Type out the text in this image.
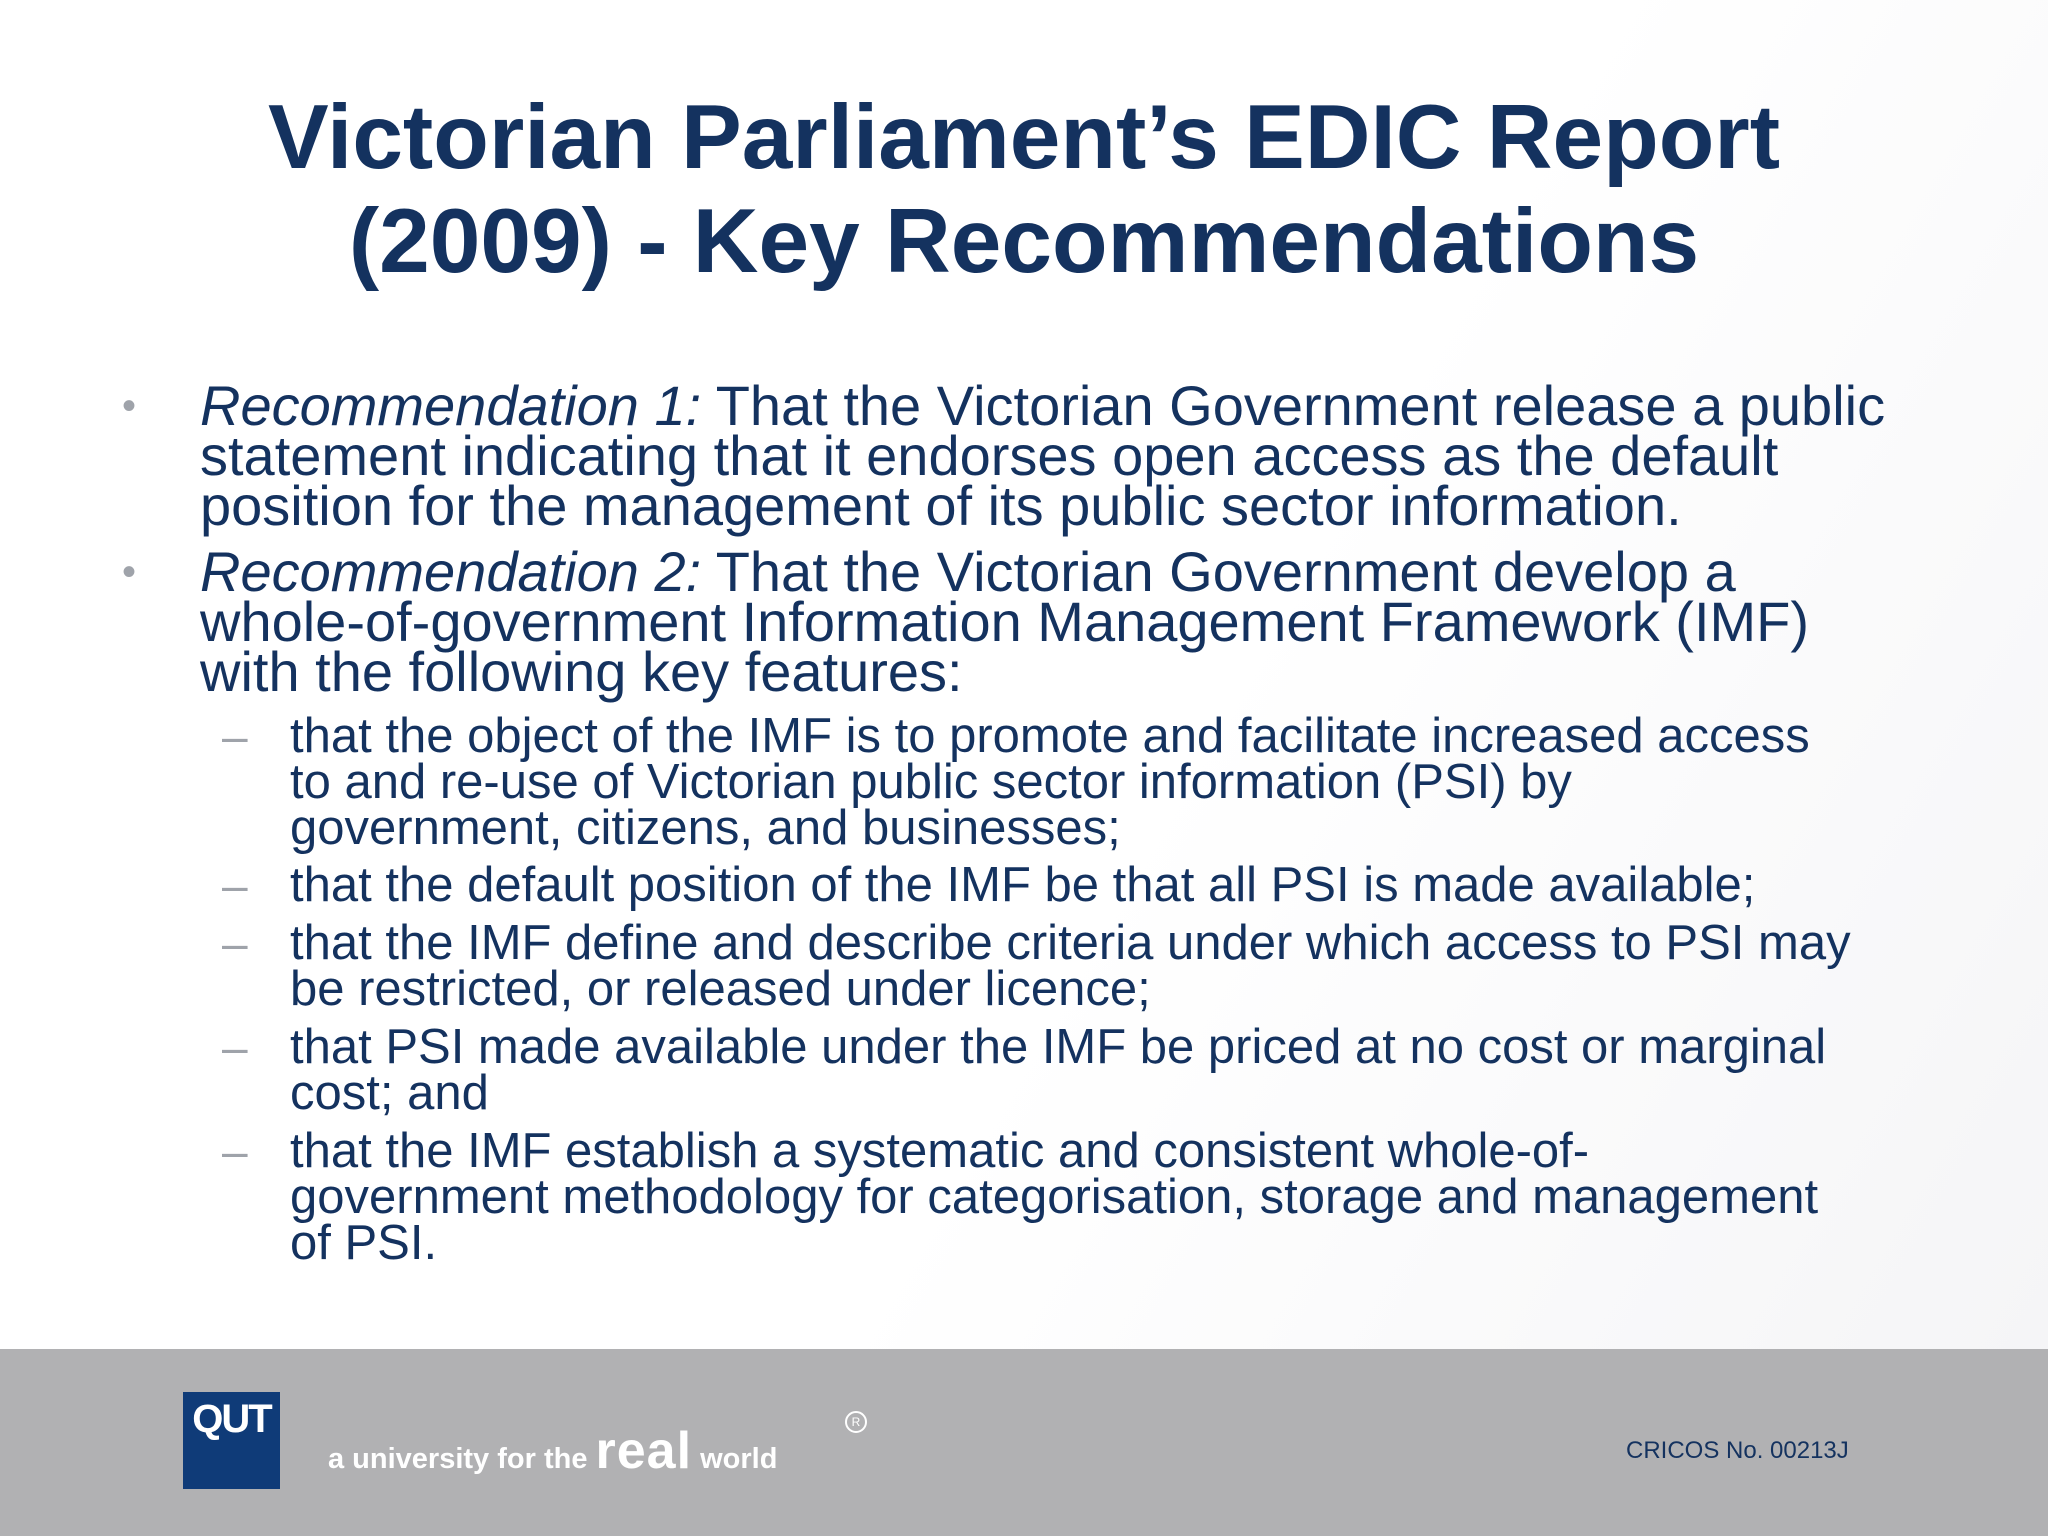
Victorian Parliament’s EDIC Report
(2009) - Key Recommendations
• Recommendation 1: That the Victorian Government release a public
statement indicating that it endorses open access as the default
position for the management of its public sector information.
• Recommendation 2: That the Victorian Government develop a
whole-of-government Information Management Framework (IMF)
with the following key features:
– that the object of the IMF is to promote and facilitate increased access
to and re-use of Victorian public sector information (PSI) by
government, citizens, and businesses;
– that the default position of the IMF be that all PSI is made available;
– that the IMF define and describe criteria under which access to PSI may
be restricted, or released under licence;
– that PSI made available under the IMF be priced at no cost or marginal
cost; and
– that the IMF establish a systematic and consistent whole-of-
government methodology for categorisation, storage and management
of PSI.
QUT
a university for the real world
R
CRICOS No. 00213J
